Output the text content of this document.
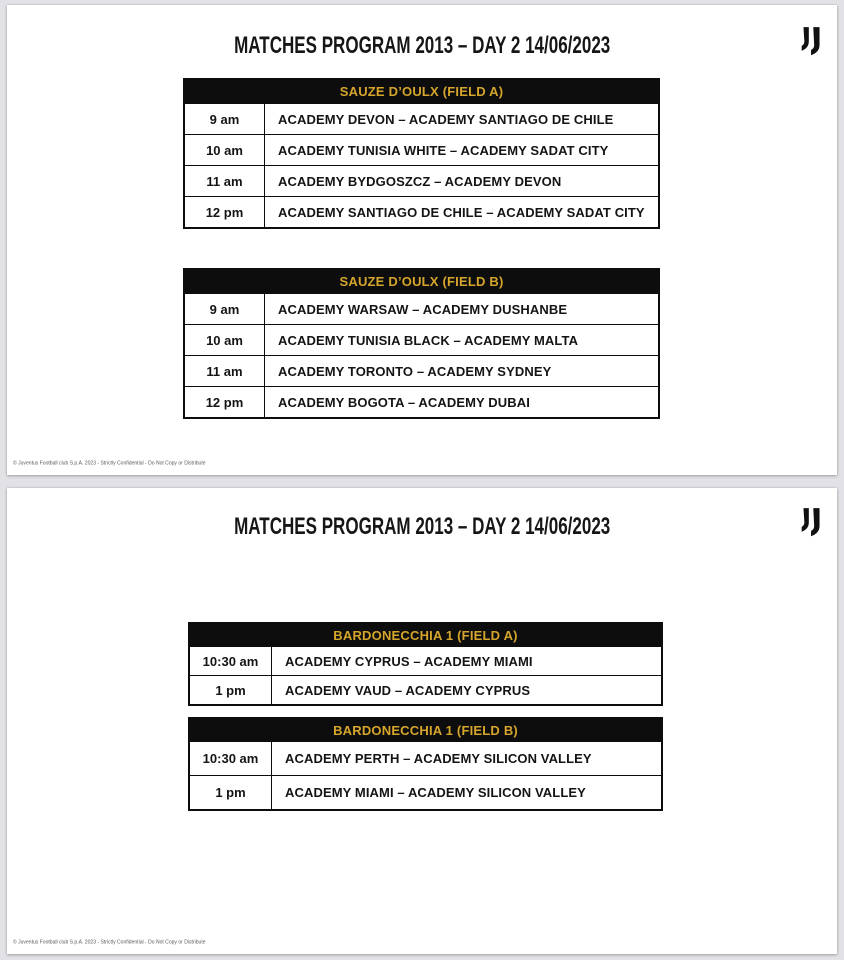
MATCHES PROGRAM 2013 – DAY 2 14/06/2023
SAUZE D’OULX (FIELD A)
9 am	ACADEMY DEVON – ACADEMY SANTIAGO DE CHILE
10 am	ACADEMY TUNISIA WHITE – ACADEMY SADAT CITY
11 am	ACADEMY BYDGOSZCZ – ACADEMY DEVON
12 pm	ACADEMY SANTIAGO DE CHILE – ACADEMY SADAT CITY
SAUZE D’OULX (FIELD B)
9 am	ACADEMY WARSAW – ACADEMY DUSHANBE
10 am	ACADEMY TUNISIA BLACK – ACADEMY MALTA
11 am	ACADEMY TORONTO – ACADEMY SYDNEY
12 pm	ACADEMY BOGOTA – ACADEMY DUBAI
© Juventus Football club S.p.A. 2023 - Strictly Confidential - Do Not Copy or Distribute
MATCHES PROGRAM 2013 – DAY 2 14/06/2023
BARDONECCHIA 1 (FIELD A)
10:30 am	ACADEMY CYPRUS – ACADEMY MIAMI
1 pm	ACADEMY VAUD – ACADEMY CYPRUS
BARDONECCHIA 1 (FIELD B)
10:30 am	ACADEMY PERTH – ACADEMY SILICON VALLEY
1 pm	ACADEMY MIAMI – ACADEMY SILICON VALLEY
© Juventus Football club S.p.A. 2023 - Strictly Confidential - Do Not Copy or Distribute
